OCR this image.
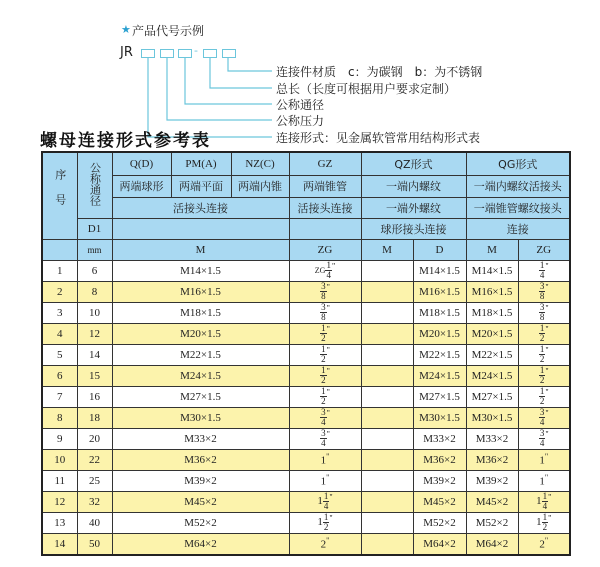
★ 产品代号示例
JR	-
连接件材质　c：为碳钢　b：为不锈钢
总长（长度可根据用户要求定制）
公称通径
公称压力
连接形式：见金属软管常用结构形式表
螺母连接形式参考表
序号	公称通径	Q(D)	PM(A)	NZ(C)	GZ	QZ形式		QG形式	
		两端球形	两端平面	两端内锥	两端锥管	一端内螺纹		一端内螺纹活接头	
		活接头连接			活接头连接	一端外螺纹		一端锥管螺纹接头	
	D1					球形接头连接		连接	
	mm	M			ZG	M	D	M	ZG
1	6	M14×1.5			ZG $\frac{1}{4} ^"$		M14×1.5	M14×1.5	$\frac{1}{4} ^"$
2	8	M16×1.5			$\frac{3}{8} ^"$		M16×1.5	M16×1.5	$\frac{3}{8} ^"$
3	10	M18×1.5			$\frac{3}{8} ^"$		M18×1.5	M18×1.5	$\frac{3}{8} ^"$
4	12	M20×1.5			$\frac{1}{2} ^"$		M20×1.5	M20×1.5	$\frac{1}{2} ^"$
5	14	M22×1.5			$\frac{1}{2} ^"$		M22×1.5	M22×1.5	$\frac{1}{2} ^"$
6	15	M24×1.5			$\frac{1}{2} ^"$		M24×1.5	M24×1.5	$\frac{1}{2} ^"$
7	16	M27×1.5			$\frac{1}{2} ^"$		M27×1.5	M27×1.5	$\frac{1}{2} ^"$
8	18	M30×1.5			$\frac{3}{4} ^"$		M30×1.5	M30×1.5	$\frac{3}{4} ^"$
9	20	M33×2			$\frac{3}{4} ^"$		M33×2	M33×2	$\frac{3}{4} ^"$
10	22	M36×2			1"		M36×2	M36×2	1"
11	25	M39×2			1"		M39×2	M39×2	1"
12	32	M45×2			$1 \frac{1}{4} ^"$		M45×2	M45×2	$1 \frac{1}{4} ^"$
13	40	M52×2			$1 \frac{1}{2} ^"$		M52×2	M52×2	$1 \frac{1}{2} ^"$
14	50	M64×2			2"		M64×2	M64×2	2"
